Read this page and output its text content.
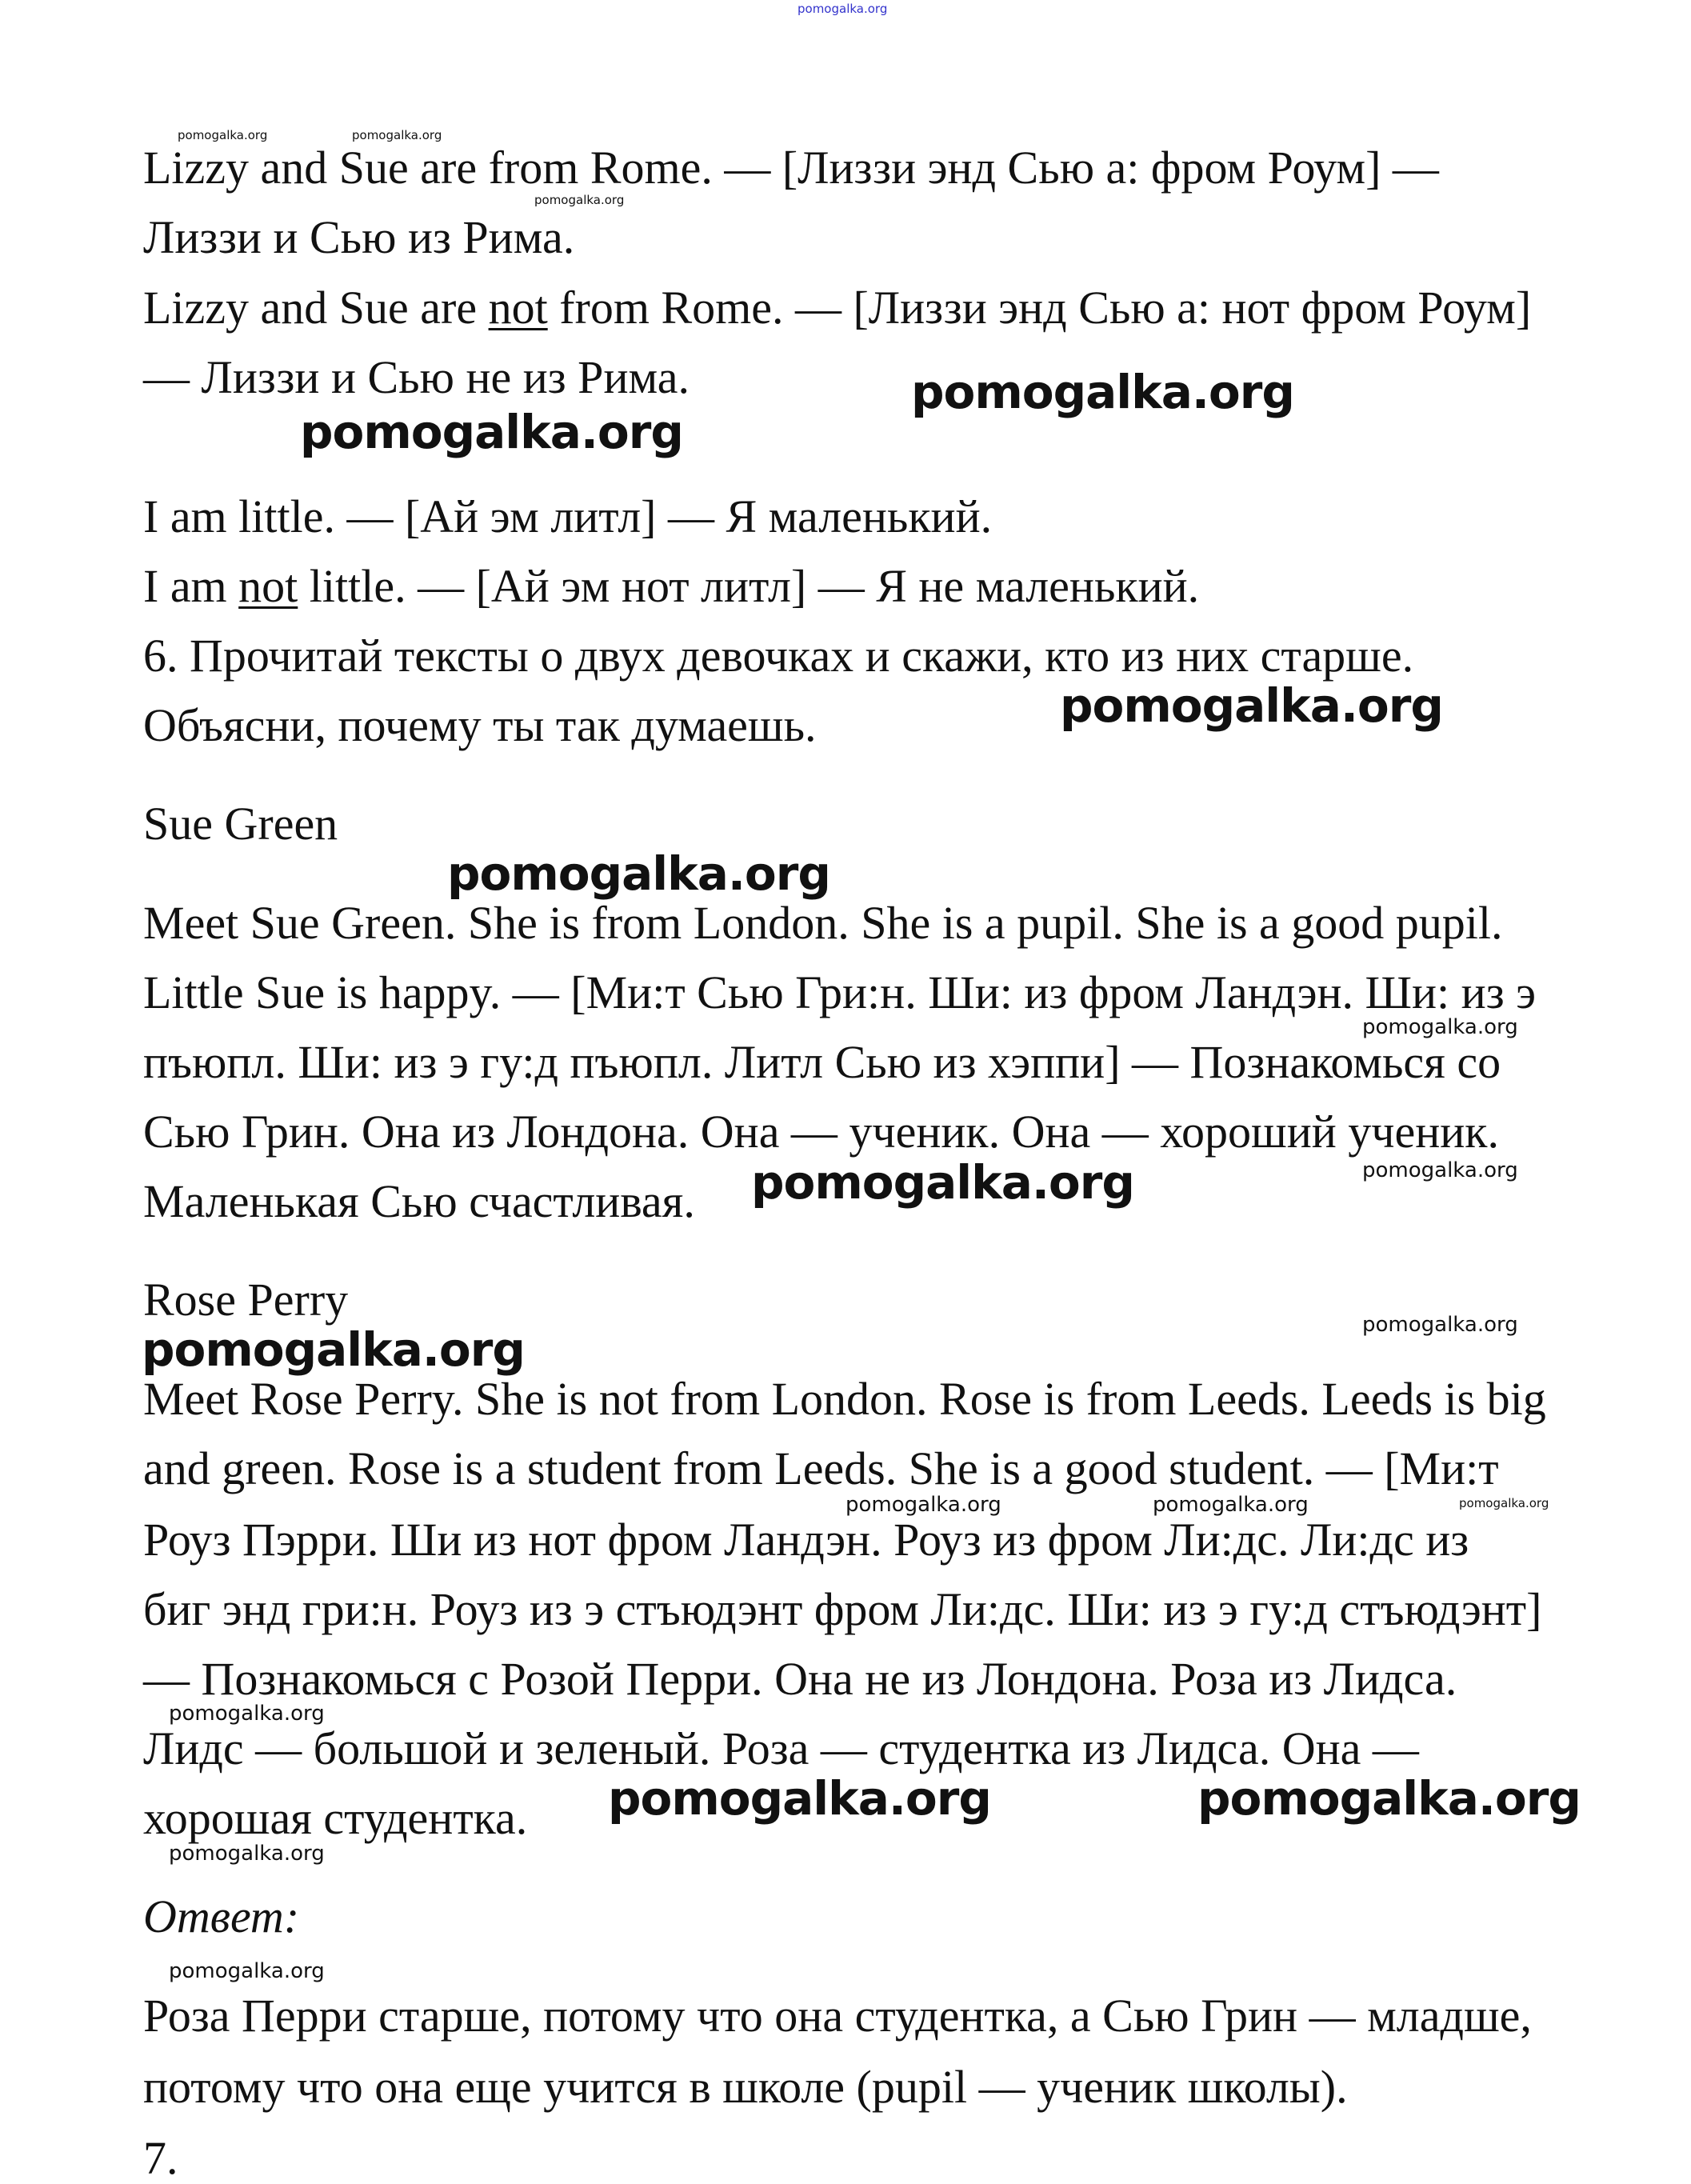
Lizzy and Sue are from Rome. — [Лиззи энд Сью а: фром Роум] —
Лиззи и Сью из Рима.
Lizzy and Sue are not from Rome. — [Лиззи энд Сью а: нот фром Роум]
— Лиззи и Сью не из Рима.
I am little. — [Ай эм литл] — Я маленький.
I am not little. — [Ай эм нот литл] — Я не маленький.
6. Прочитай тексты о двух девочках и скажи, кто из них старше.
Объясни, почему ты так думаешь.
Sue Green
Meet Sue Green. She is from London. She is a pupil. She is a good pupil.
Little Sue is happy. — [Ми:т Сью Гри:н. Ши: из фром Ландэн. Ши: из э
пъюпл. Ши: из э гу:д пъюпл. Литл Сью из хэппи] — Познакомься со
Сью Грин. Она из Лондона. Она — ученик. Она — хороший ученик.
Маленькая Сью счастливая.
Rose Perry
Meet Rose Perry. She is not from London. Rose is from Leeds. Leeds is big
and green. Rose is a student from Leeds. She is a good student. — [Ми:т
Роуз Пэрри. Ши из нот фром Ландэн. Роуз из фром Ли:дс. Ли:дс из
биг энд гри:н. Роуз из э стъюдэнт фром Ли:дс. Ши: из э гу:д стъюдэнт]
— Познакомься с Розой Перри. Она не из Лондона. Роза из Лидса.
Лидс — большой и зеленый. Роза — студентка из Лидса. Она —
хорошая студентка.
Ответ:
Роза Перри старше, потому что она студентка, а Сью Грин — младше,
потому что она еще учится в школе (pupil — ученик школы).
7.
pomogalka.org
pomogalka.org	pomogalka.org
pomogalka.org
pomogalka.org
pomogalka.org
pomogalka.org
pomogalka.org
pomogalka.org
pomogalka.org
pomogalka.org
pomogalka.org	pomogalka.org
pomogalka.org
pomogalka.org
pomogalka.org
pomogalka.org	pomogalka.org
pomogalka.org
pomogalka.org
pomogalka.org
